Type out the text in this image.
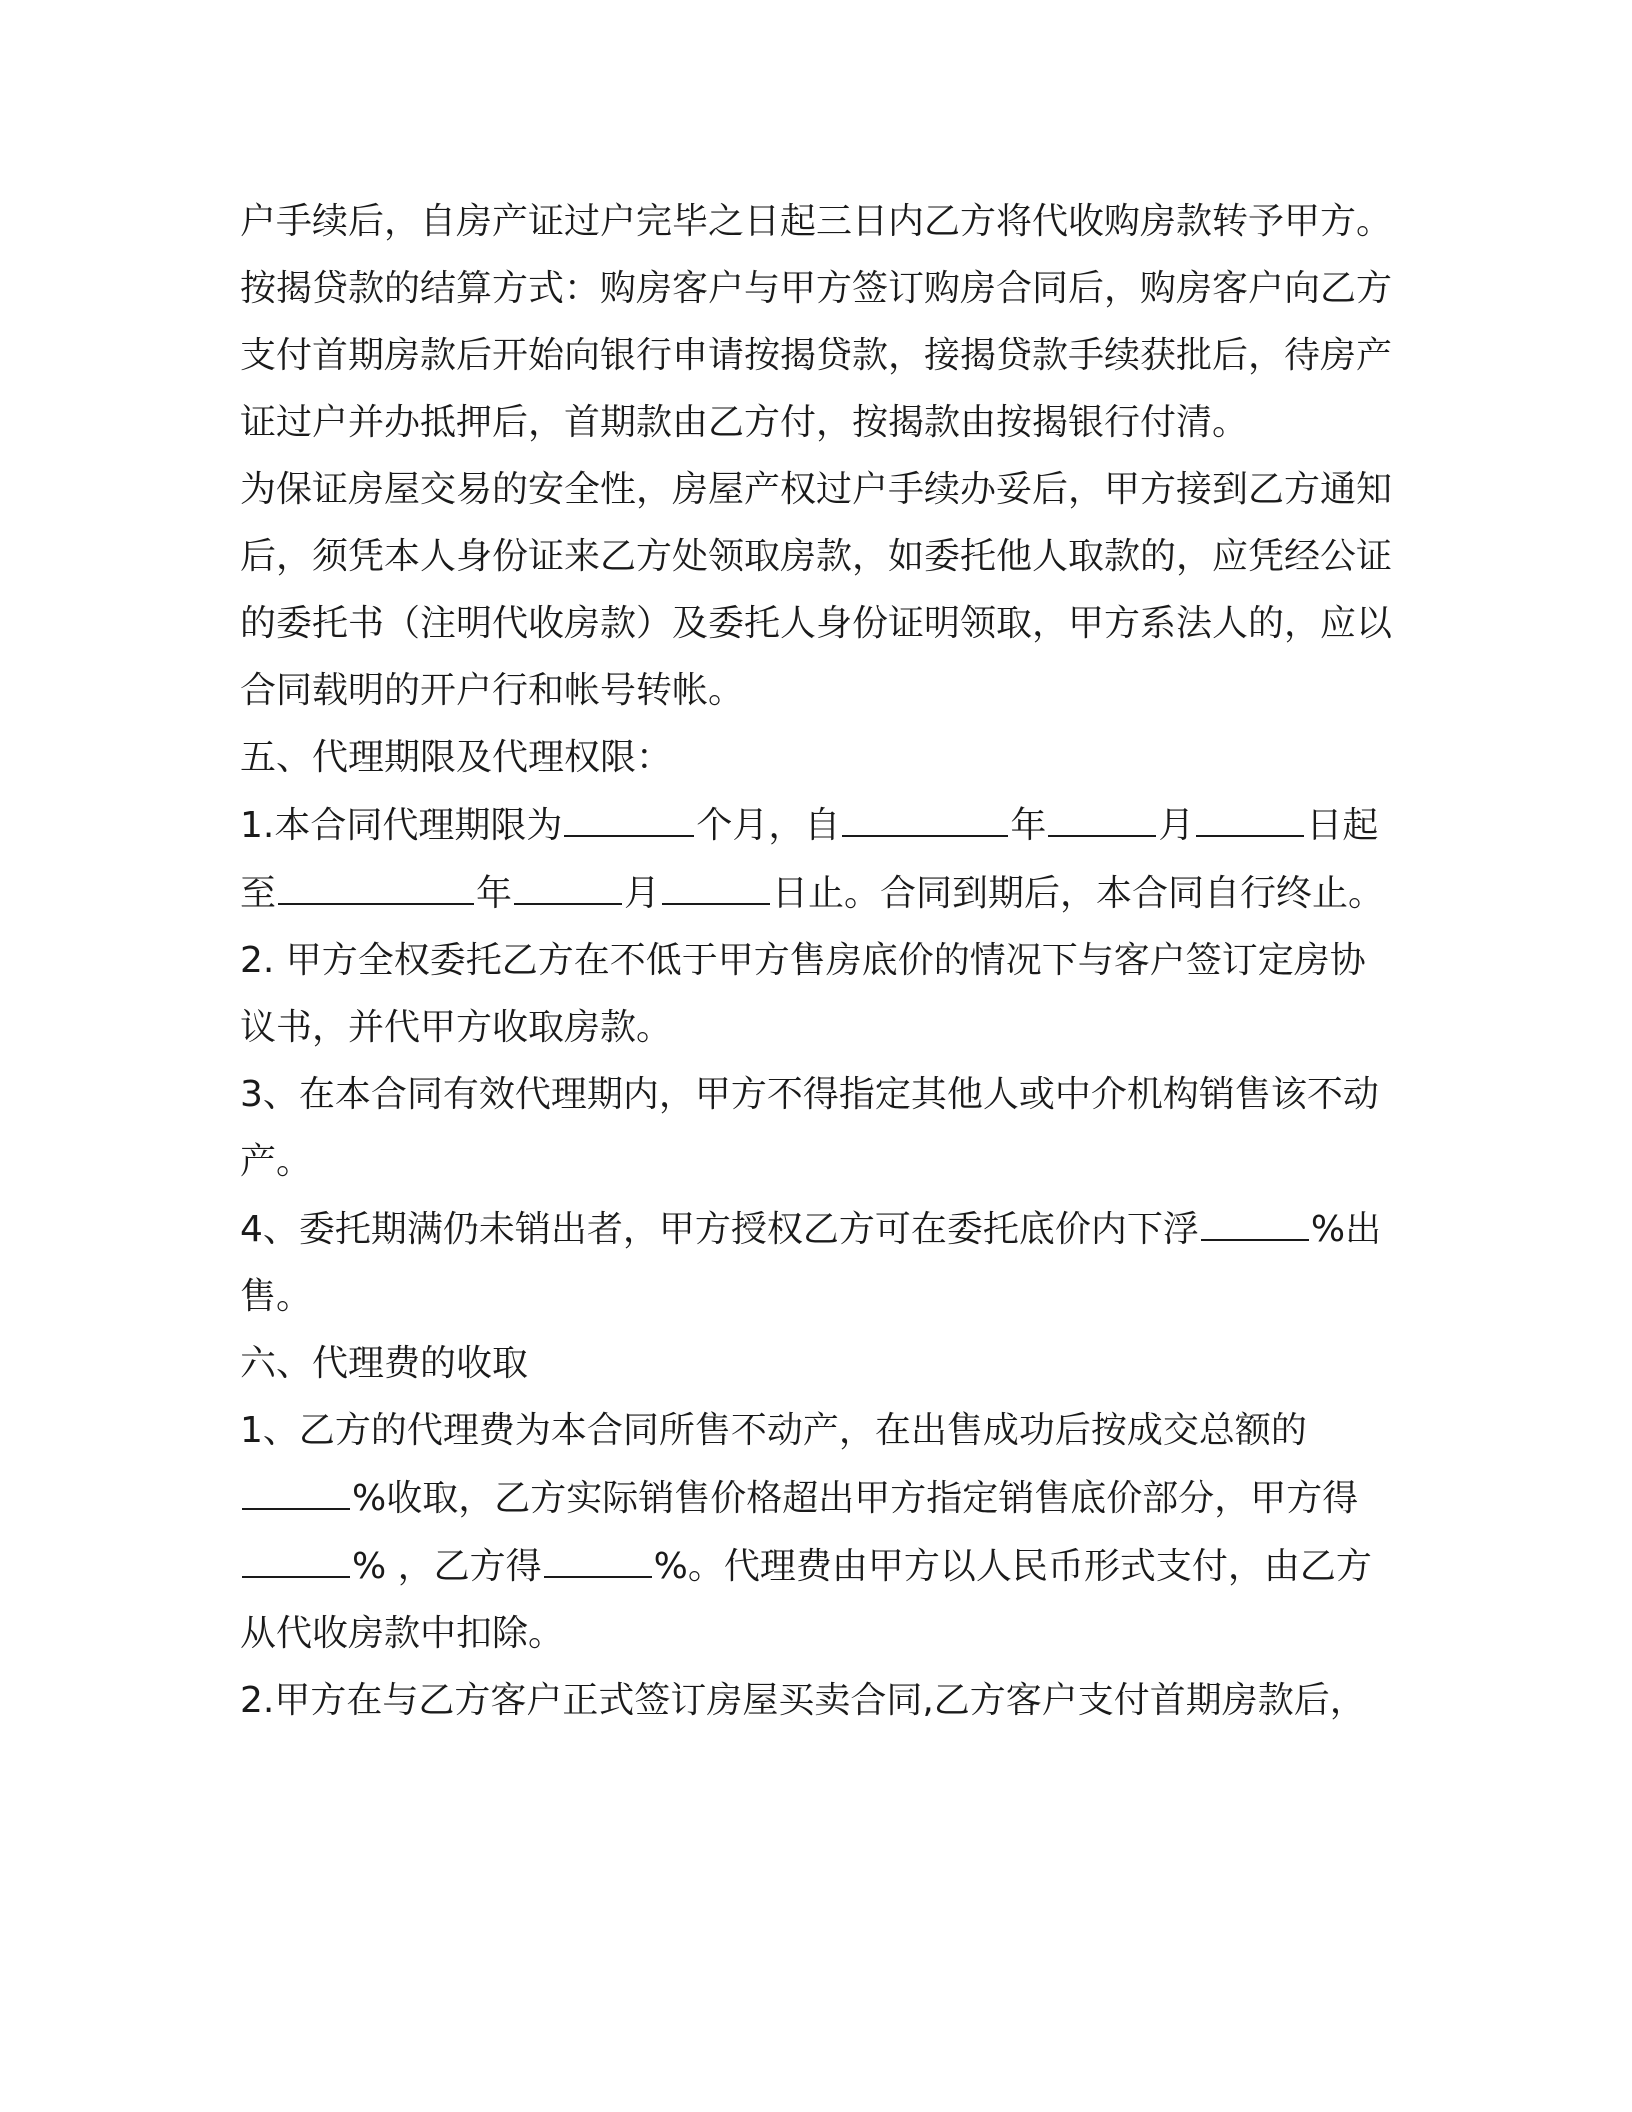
户手续后，自房产证过户完毕之日起三日内乙方将代收购房款转予甲方。

按揭贷款的结算方式：购房客户与甲方签订购房合同后，购房客户向乙方支付首期房款后开始向银行申请按揭贷款，接揭贷款手续获批后，待房产证过户并办抵押后，首期款由乙方付，按揭款由按揭银行付清。

为保证房屋交易的安全性，房屋产权过户手续办妥后，甲方接到乙方通知后，须凭本人身份证来乙方处领取房款，如委托他人取款的，应凭经公证的委托书（注明代收房款）及委托人身份证明领取，甲方系法人的，应以合同载明的开户行和帐号转帐。

五、代理期限及代理权限：

1.本合同代理期限为	个月，自	年	月	日起至	年	月	日止。合同到期后，本合同自行终止。

2. 甲方全权委托乙方在不低于甲方售房底价的情况下与客户签订定房协议书，并代甲方收取房款。

3、在本合同有效代理期内，甲方不得指定其他人或中介机构销售该不动产。

4、委托期满仍未销出者，甲方授权乙方可在委托底价内下浮	%出售。

六、代理费的收取

1、乙方的代理费为本合同所售不动产，在出售成功后按成交总额的%收取，乙方实际销售价格超出甲方指定销售底价部分，甲方得% ，乙方得	%。代理费由甲方以人民币形式支付，由乙方从代收房款中扣除。

2.甲方在与乙方客户正式签订房屋买卖合同,乙方客户支付首期房款后，
